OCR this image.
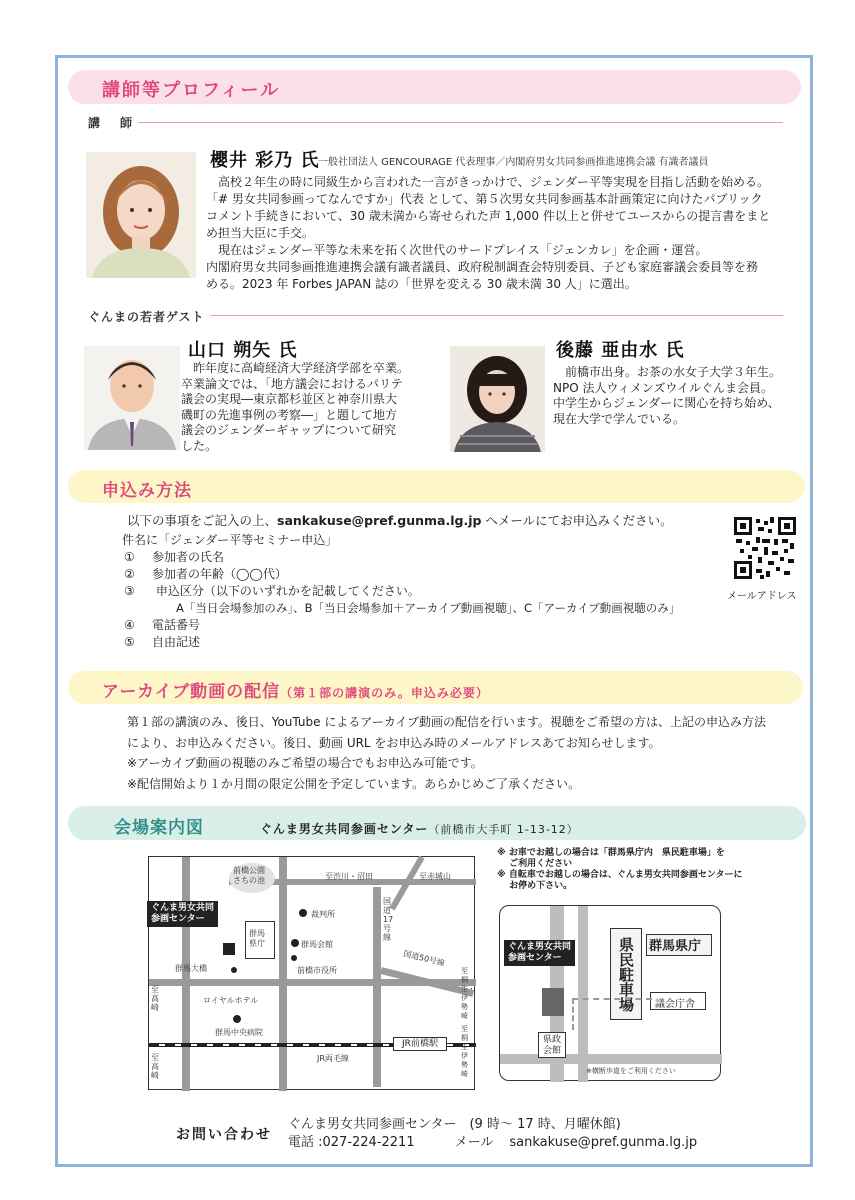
講師等プロフィール
講　師
櫻井 彩乃 氏
一般社団法人 GENCOURAGE 代表理事／内閣府男女共同参画推進連携会議 有識者議員
　高校２年生の時に同級生から言われた一言がきっかけで、ジェンダー平等実現を目指し活動を始める。
「# 男女共同参画ってなんですか」代表 として、第５次男女共同参画基本計画策定に向けたパブリック
コメント手続きにおいて、30 歳未満から寄せられた声 1,000 件以上と併せてユースからの提言書をまと
め担当大臣に手交。
　現在はジェンダー平等な未来を拓く次世代のサードプレイス「ジェンカレ」を企画・運営。
内閣府男女共同参画推進連携会議有識者議員、政府税制調査会特別委員、子ども家庭審議会委員等を務
める。2023 年 Forbes JAPAN 誌の「世界を変える 30 歳未満 30 人」に選出。
ぐんまの若者ゲスト
山口 朔矢 氏
　昨年度に高崎経済大学経済学部を卒業。
卒業論文では、「地方議会におけるパリテ
議会の実現―東京都杉並区と神奈川県大
磯町の先進事例の考察―」と題して地方
議会のジェンダーギャップについて研究
した。
後藤 亜由水 氏
　前橋市出身。お茶の水女子大学３年生。
NPO 法人ウィメンズウイルぐんま会員。
中学生からジェンダーに関心を持ち始め、
現在大学で学んでいる。
申込み方法
以下の事項をご記入の上、sankakuse@pref.gunma.lg.jp へメールにてお申込みください。
件名に「ジェンダー平等セミナー申込」
① 参加者の氏名
② 参加者の年齢（◯◯代）
③ 申込区分（以下のいずれかを記載してください。
A「当日会場参加のみ」、B「当日会場参加＋アーカイブ動画視聴」、C「アーカイブ動画視聴のみ」
④ 電話番号
⑤ 自由記述
メールアドレス
アーカイブ動画の配信（第１部の講演のみ。申込み必要）
第１部の講演のみ、後日、YouTube によるアーカイブ動画の配信を行います。視聴をご希望の方は、上記の申込み方法
により、お申込みください。後日、動画 URL をお申込み時のメールアドレスあてお知らせします。
※アーカイブ動画の視聴のみご希望の場合でもお申込み可能です。
※配信開始より１か月間の限定公開を予定しています。あらかじめご了承ください。
会場案内図	ぐんま男女共同参画センター（前橋市大手町 1-13-12）
※ お車でお越しの場合は「群馬県庁内　県民駐車場」を
　 ご利用ください
※ 自転車でお越しの場合は、ぐんま男女共同参画センターに
　 お停め下さい。
前橋公園
さちの池	至渋川・沼田	至赤城山
国道17号線
国道50号線
ぐんま男女共同
参画センター
群馬
県庁
裁判所
群馬会館
前橋市役所
群馬大橋
ロイヤルホテル
群馬中央病院
至高崎
至高崎
至桐生・伊勢崎
至桐生・伊勢崎
JR前橋駅
JR両毛線
ぐんま男女共同
参画センター
県政
会館
県民駐車場	群馬県庁
議会庁舎
※横断歩道をご利用ください
お問い合わせ
ぐんま男女共同参画センター　(9 時～ 17 時、月曜休館)
電話 :027-224-2211	メール sankakuse@pref.gunma.lg.jp
